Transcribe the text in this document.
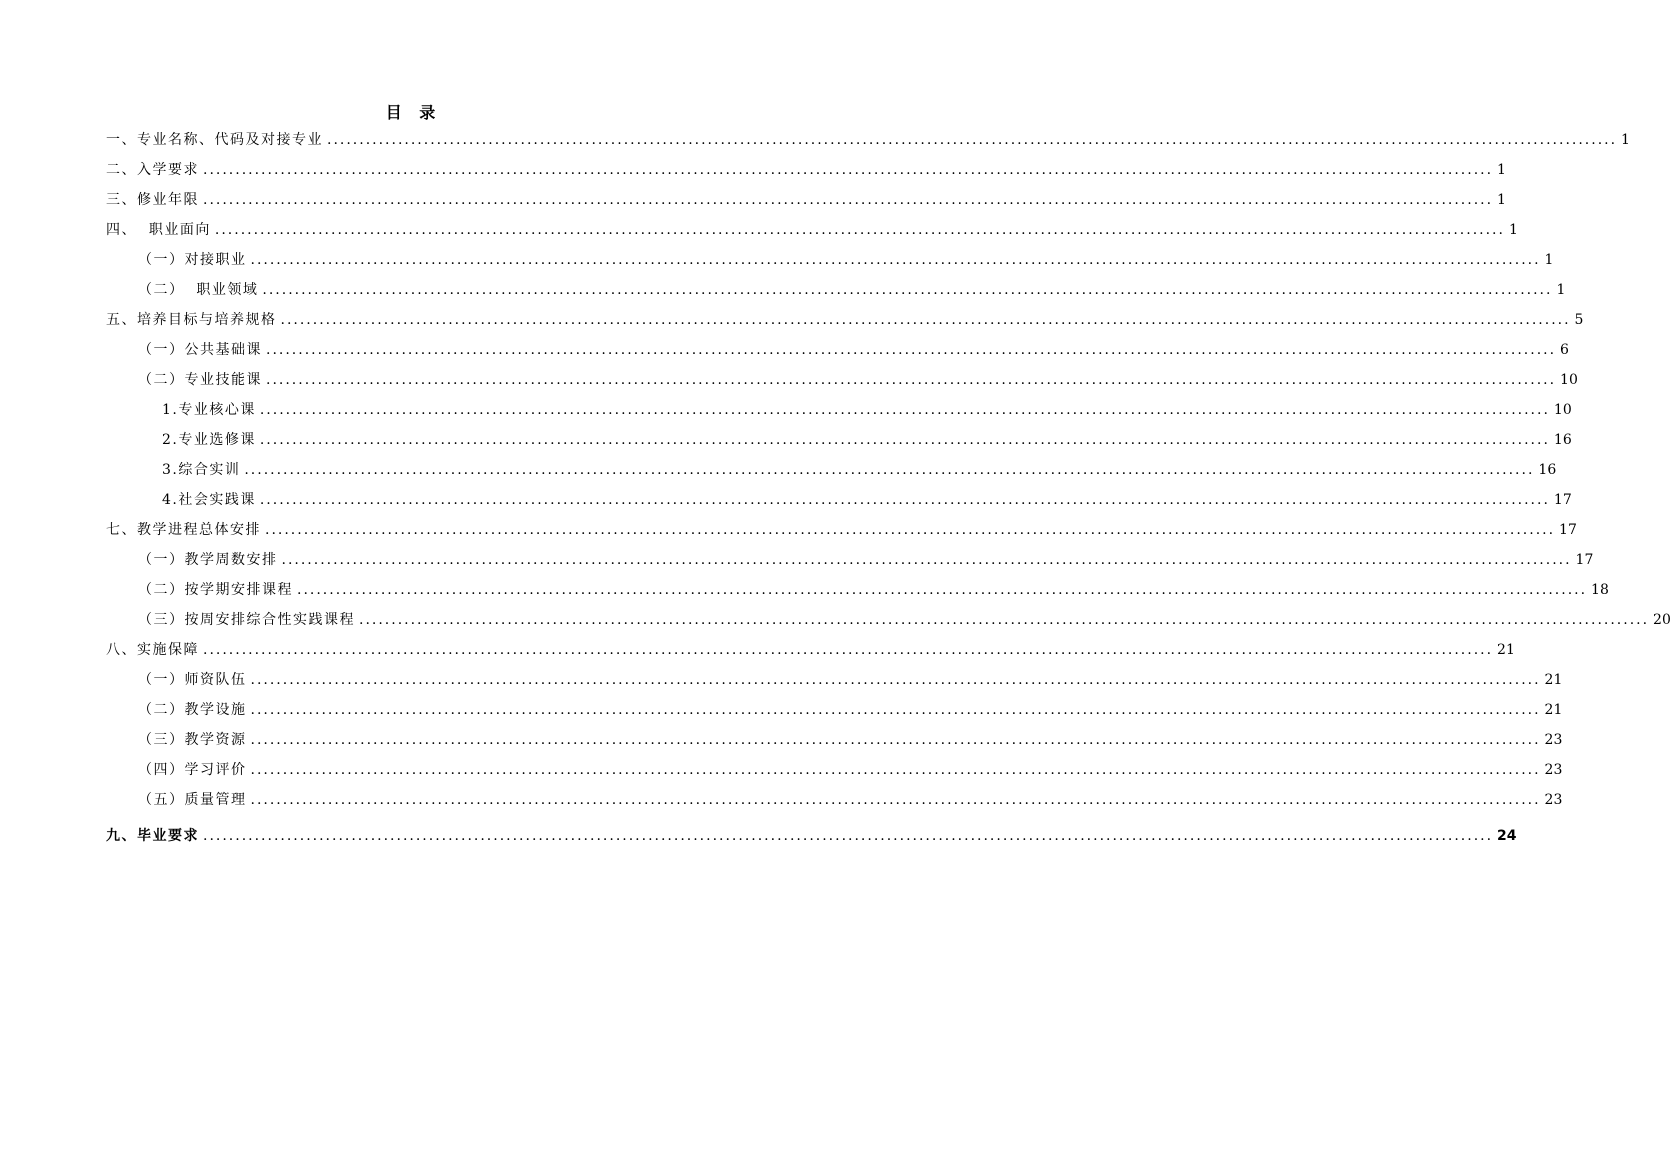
目 录
一、专业名称、代码及对接专业 ........................................................................................................................................................................................................ 1
二、入学要求 ........................................................................................................................................................................................................ 1
三、修业年限 ........................................................................................................................................................................................................ 1
四、  职业面向 ........................................................................................................................................................................................................ 1
（一）对接职业 ........................................................................................................................................................................................................ 1
（二）  职业领域 ........................................................................................................................................................................................................ 1
五、培养目标与培养规格 ........................................................................................................................................................................................................ 5
（一）公共基础课 ........................................................................................................................................................................................................ 6
（二）专业技能课 ........................................................................................................................................................................................................ 10
1.专业核心课 ........................................................................................................................................................................................................ 10
2.专业选修课 ........................................................................................................................................................................................................ 16
3.综合实训 ........................................................................................................................................................................................................ 16
4.社会实践课 ........................................................................................................................................................................................................ 17
七、教学进程总体安排 ........................................................................................................................................................................................................ 17
（一）教学周数安排 ........................................................................................................................................................................................................ 17
（二）按学期安排课程 ........................................................................................................................................................................................................ 18
（三）按周安排综合性实践课程 ........................................................................................................................................................................................................ 20
八、实施保障 ........................................................................................................................................................................................................ 21
（一）师资队伍 ........................................................................................................................................................................................................ 21
（二）教学设施 ........................................................................................................................................................................................................ 21
（三）教学资源 ........................................................................................................................................................................................................ 23
（四）学习评价 ........................................................................................................................................................................................................ 23
（五）质量管理 ........................................................................................................................................................................................................ 23
九、毕业要求 ........................................................................................................................................................................................................ 24
